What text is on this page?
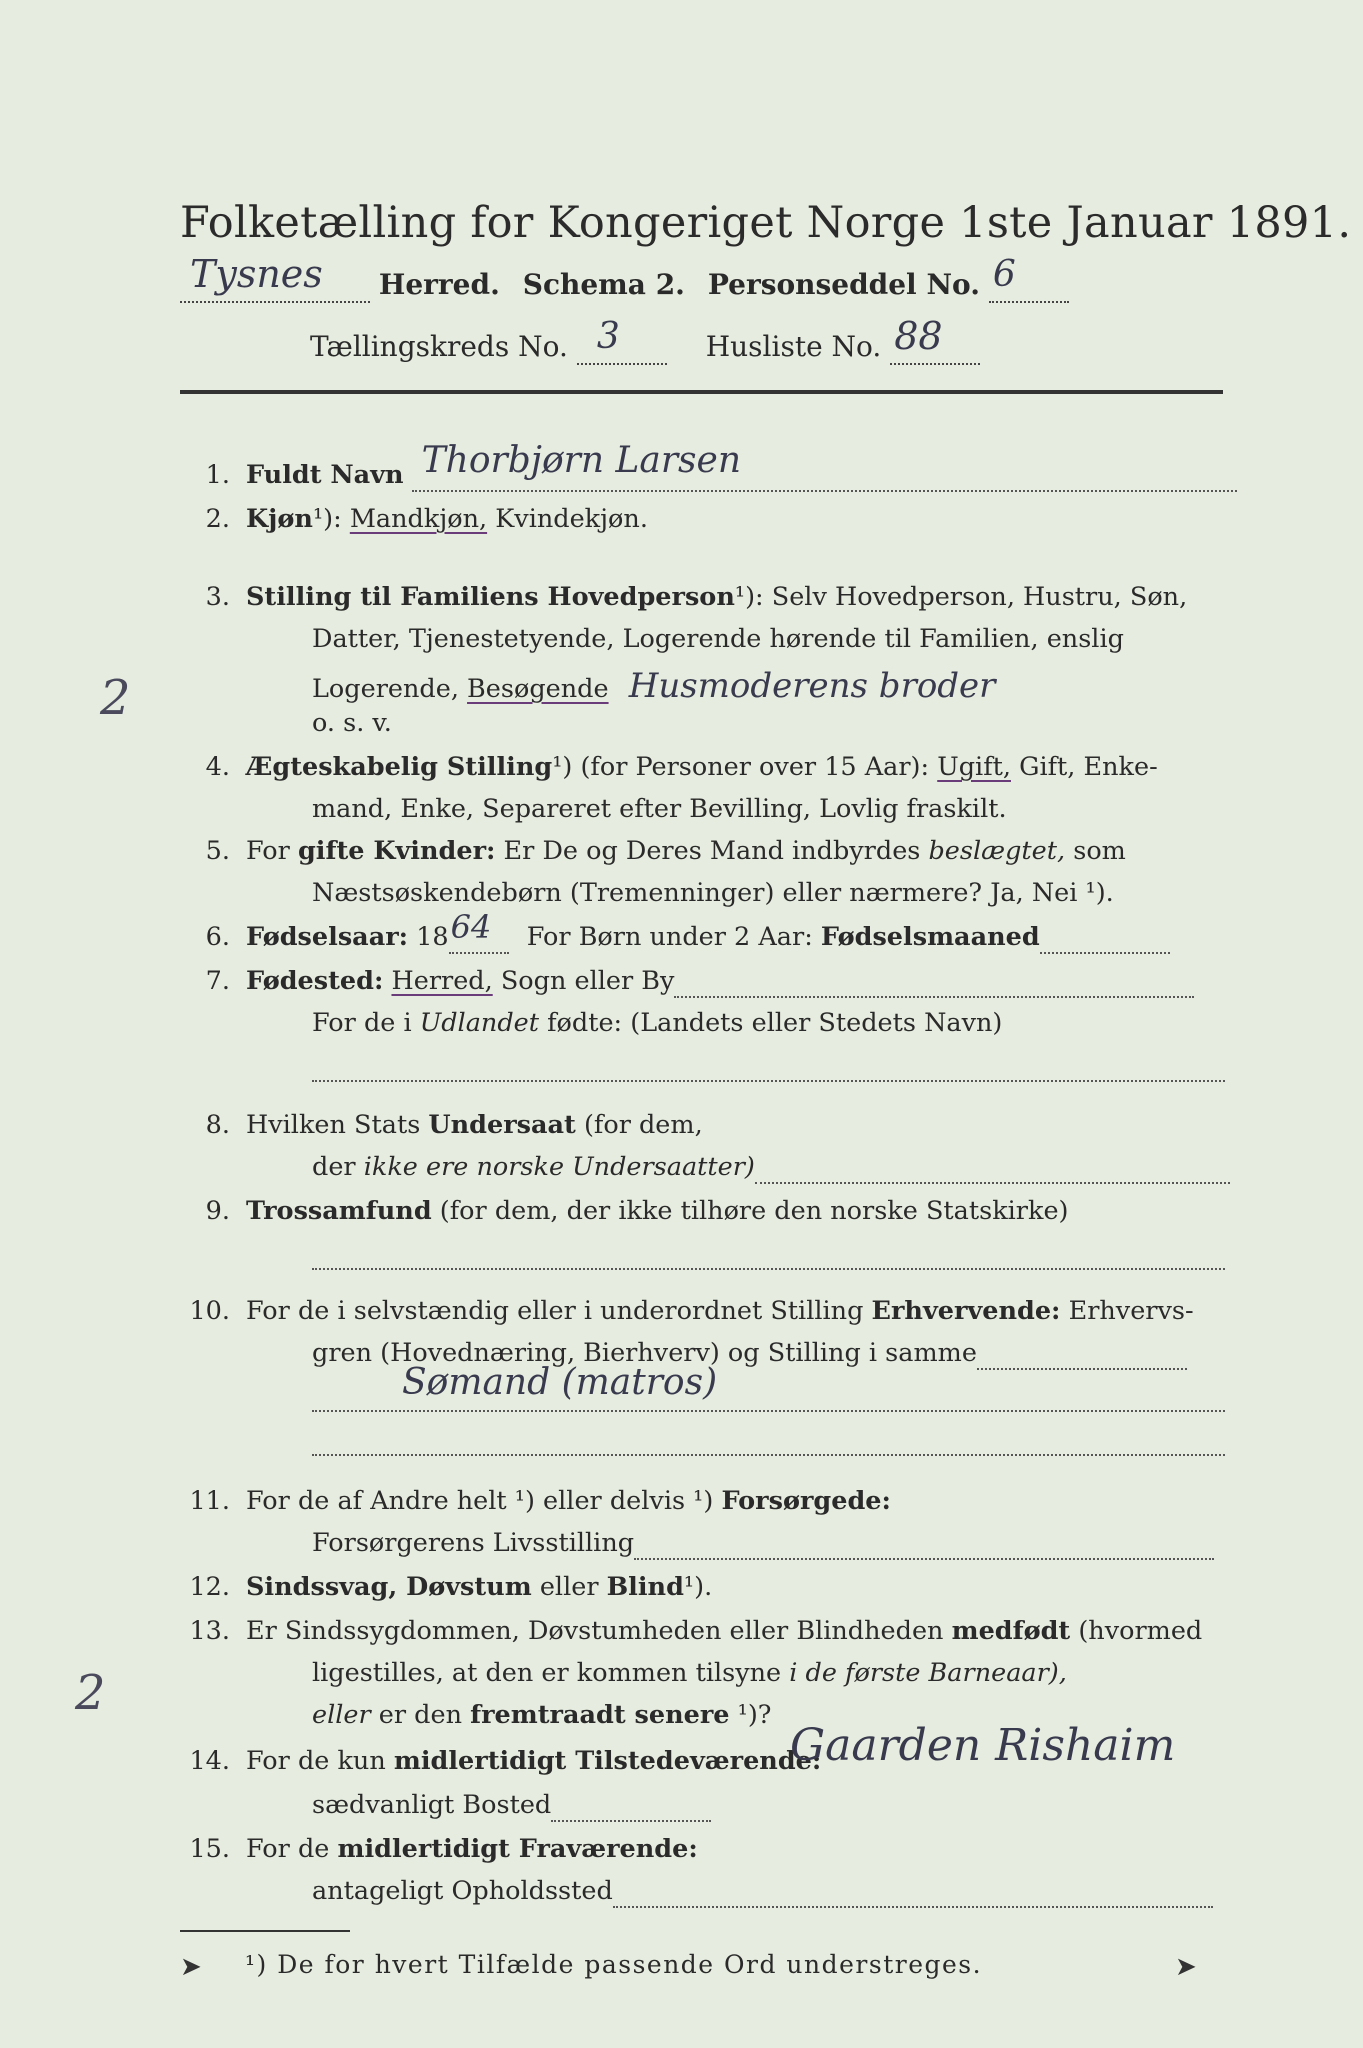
Folketælling for Kongeriget Norge 1ste Januar 1891.
Tysnes Herred. Schema 2. Personseddel No. 6

Tællingskreds No. 3	Husliste No. 88

1. Fuldt Navn Thorbjørn Larsen

2. Kjøn¹): Mandkjøn, Kvindekjøn.
3. Stilling til Familiens Hovedperson¹): Selv Hovedperson, Hustru, Søn,
Datter, Tjenestetyende, Logerende hørende til Familien, enslig
Logerende, Besøgende Husmoderens broder
o. s. v.
4. Ægteskabelig Stilling¹) (for Personer over 15 Aar): Ugift, Gift, Enke-
mand, Enke, Separeret efter Bevilling, Lovlig fraskilt.
5. For gifte Kvinder: Er De og Deres Mand indbyrdes beslægtet, som
Næstsøskendebørn (Tremenninger) eller nærmere? Ja, Nei ¹).
6. Fødselsaar: 18 64 For Børn under 2 Aar: Fødselsmaaned
7. Fødested: Herred, Sogn eller By
For de i Udlandet fødte: (Landets eller Stedets Navn)

8. Hvilken Stats Undersaat (for dem,
der ikke ere norske Undersaatter)
9. Trossamfund (for dem, der ikke tilhøre den norske Statskirke)

10. For de i selvstændig eller i underordnet Stilling Erhvervende: Erhvervs-
gren (Hovednæring, Bierhverv) og Stilling i samme
Sømand (matros)

11. For de af Andre helt ¹) eller delvis ¹) Forsørgede:
Forsørgerens Livsstilling
12. Sindssvag, Døvstum eller Blind¹).
13. Er Sindssygdommen, Døvstumheden eller Blindheden medfødt (hvormed
ligestilles, at den er kommen tilsyne i de første Barneaar),
eller er den fremtraadt senere ¹)?
14. For de kun midlertidigt Tilstedeværende:
Gaarden Rishaim
sædvanligt Bosted
15. For de midlertidigt Fraværende:
antageligt Opholdssted
2
2
¹) De for hvert Tilfælde passende Ord understreges.
➤	➤
